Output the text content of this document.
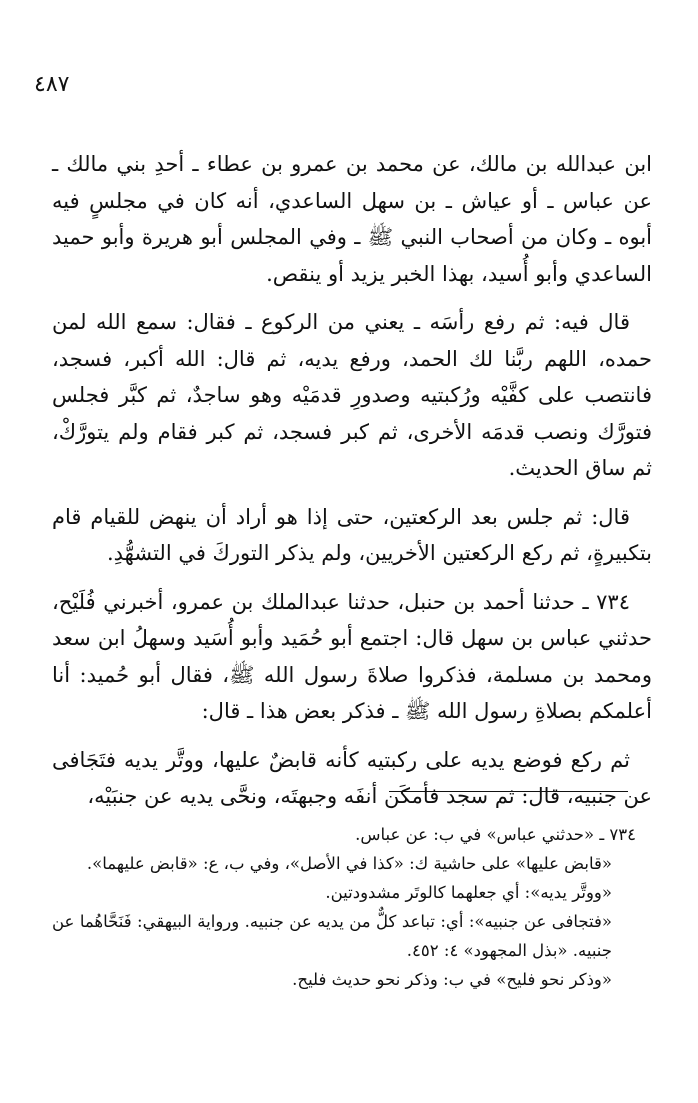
٤٨٧

ابن عبدالله بن مالك، عن محمد بن عمرو بن عطاء ـ أحدِ بني مالك ـ عن عباس ـ أو عياش ـ بن سهل الساعدي، أنه كان في مجلسٍ فيه أبوه ـ وكان من أصحاب النبي ﷺ ـ وفي المجلس أبو هريرة وأبو حميد الساعدي وأبو أُسيد، بهذا الخبر يزيد أو ينقص.

قال فيه: ثم رفع رأسَه ـ يعني من الركوع ـ فقال: سمع الله لمن حمده، اللهم ربَّنا لك الحمد، ورفع يديه، ثم قال: الله أكبر، فسجد، فانتصب على كفَّيْه ورُكبتيه وصدورِ قدمَيْه وهو ساجدٌ، ثم كبَّر فجلس فتورَّك ونصب قدمَه الأخرى، ثم كبر فسجد، ثم كبر فقام ولم يتورَّكْ، ثم ساق الحديث.

قال: ثم جلس بعد الركعتين، حتى إذا هو أراد أن ينهض للقيام قام بتكبيرةٍ، ثم ركع الركعتين الأخريين، ولم يذكر التوركَ في التشهُّدِ.

٧٣٤ ـ حدثنا أحمد بن حنبل، حدثنا عبدالملك بن عمرو، أخبرني فُلَيْح، حدثني عباس بن سهل قال: اجتمع أبو حُمَيد وأبو أُسَيد وسهلُ ابن سعد ومحمد بن مسلمة، فذكروا صلاةَ رسول الله ﷺ، فقال أبو حُميد: أنا أعلمكم بصلاةِ رسول الله ﷺ ـ فذكر بعض هذا ـ قال:

ثم ركع فوضع يديه على ركبتيه كأنه قابضٌ عليها، ووتَّر يديه فتَجَافى عن جنبيه، قال: ثم سجد فأمكَن أنفَه وجبهتَه، ونحَّى يديه عن جنبَيْه،

٧٣٤ ـ «حدثني عباس» في ب: عن عباس.

«قابض عليها» على حاشية ك: «كذا في الأصل»، وفي ب، ع: «قابض عليهما».

«ووتَّر يديه»: أي جعلهما كالوتَر مشدودتين.

«فتجافى عن جنبيه»: أي: تباعد كلٌّ من يديه عن جنبيه. ورواية البيهقي: فَنَحَّاهُما عن جنبيه. «بذل المجهود» ٤: ٤٥٢.

«وذكر نحو فليح» في ب: وذكر نحو حديث فليح.
